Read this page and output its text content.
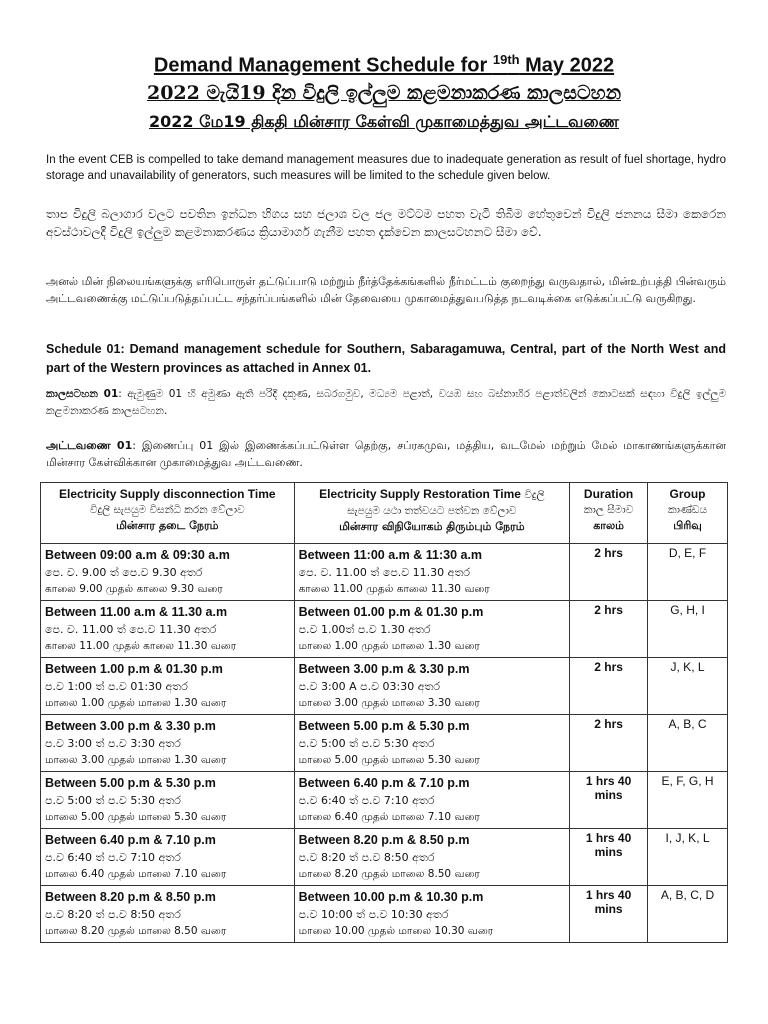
Demand Management Schedule for $^{19th}$ May 2022
2022 මැයි19 දින විදුලි ඉල්ලුම කළමනාකරණ කාලසටහන
2022 மே19 திகதி மின்சார கேள்வி முகாமைத்துவ அட்டவணை
In the event CEB is compelled to take demand management measures due to inadequate generation as result of fuel shortage, hydro storage and unavailability of generators, such measures will be limited to the schedule given below.
තාප විදුලි බලාගාර වලට පවතින ඉන්ධන හිගය සහ ජලාශ වල ජල මට්ටම පහත වැටී තිබීම හේතුවෙන් විදුලි ජනනය සීමා කෙරෙන අවස්ථාවලදී විදුලි ඉල්ලුම කළමනාකරණය ක්‍රියාමාර්ග ගැනීම පහත දැක්වෙන කාලසටහනට සීමා වේ.
அனல் மின் நிலையங்களுக்கு எரிபொருள் தட்டுப்பாடு மற்றும் நீர்த்தேக்கங்களில் நீர்மட்டம் குறைந்து வருவதால், மின்உற்பத்தி பின்வரும் அட்டவணைக்கு மட்டுப்படுத்தப்பட்ட சந்தர்ப்பங்களில் மின் தேவையை முகாமைத்துவபடுத்த நடவடிக்கை எடுக்கப்பட்டு வருகிறது.
Schedule 01: Demand management schedule for Southern, Sabaragamuwa, Central, part of the North West and part of the Western provinces as attached in Annex 01.
කාලසටහන 01: ඇමුණුම 01 හි අමුණා ඇති පරිදි දකුණ, සබරගමුව, මධ්‍යම පළාත්, වයඹ සහ බස්නාහිර පළාත්වලින් කොටසක් සඳහා විදුලි ඉල්ලුම කළමනාකරණ කාලසටහන.
அட்டவணை 01: இணைப்பு 01 இல் இணைக்கப்பட்டுள்ள தெற்கு, சப்ரகமுவ, மத்திய, வடமேல் மற்றும் மேல் மாகாணங்களுக்கான மின்சார கேள்விக்கான முகாமைத்துவ அட்டவணை.
Electricity Supply disconnection Time
විදුලි සැපයුම විසන්ධි කරන වේලාව
மின்சார தடை நேரம்	Electricity Supply Restoration Time විදුලි
සැපයුම යථා තත්වයට පත්වන වේලාව
மின்சார விநியோகம் திரும்பும் நேரம்	Duration
කාල සීමාව
காலம்	Group
කාණ්ඩය
பிரிவு

Between 09:00 a.m & 09:30 a.m
පෙ. ව. 9.00 ත් පෙ.ව 9.30 අතර
காலை 9.00 முதல் காலை 9.30 வரை	Between 11:00 a.m & 11:30 a.m
පෙ. ව. 11.00 ත් පෙ.ව 11.30 අතර
காலை 11.00 முதல் காலை 11.30 வரை	2 hrs	D, E, F

Between 11.00 a.m & 11.30 a.m
පෙ. ව. 11.00 ත් පෙ.ව 11.30 අතර
காலை 11.00 முதல் காலை 11.30 வரை	Between 01.00 p.m & 01.30 p.m
ප.ව 1.00ත් ප.ව 1.30 අතර
மாலை 1.00 முதல் மாலை 1.30 வரை	2 hrs	G, H, I

Between 1.00 p.m & 01.30 p.m
ප.ව 1:00 ත් ප.ව 01:30 අතර
மாலை 1.00 முதல் மாலை 1.30 வரை	Between 3.00 p.m & 3.30 p.m
ප.ව 3:00 A ප.ව 03:30 අතර
மாலை 3.00 முதல் மாலை 3.30 வரை	2 hrs	J, K, L

Between 3.00 p.m & 3.30 p.m
ප.ව 3:00 ත් ප.ව 3:30 අතර
மாலை 3.00 முதல் மாலை 1.30 வரை	Between 5.00 p.m & 5.30 p.m
ප.ව 5:00 ත් ප.ව 5:30 අතර
மாலை 5.00 முதல் மாலை 5.30 வரை	2 hrs	A, B, C

Between 5.00 p.m & 5.30 p.m
ප.ව 5:00 ත් ප.ව 5:30 අතර
மாலை 5.00 முதல் மாலை 5.30 வரை	Between 6.40 p.m & 7.10 p.m
ප.ව 6:40 ත් ප.ව 7:10 අතර
மாலை 6.40 முதல் மாலை 7.10 வரை	1 hrs 40 mins	E, F, G, H

Between 6.40 p.m & 7.10 p.m
ප.ව 6:40 ත් ප.ව 7:10 අතර
மாலை 6.40 முதல் மாலை 7.10 வரை	Between 8.20 p.m & 8.50 p.m
ප.ව 8:20 ත් ප.ව 8:50 අතර
மாலை 8.20 முதல் மாலை 8.50 வரை	1 hrs 40 mins	I, J, K, L

Between 8.20 p.m & 8.50 p.m
ප.ව 8:20 ත් ප.ව 8:50 අතර
மாலை 8.20 முதல் மாலை 8.50 வரை	Between 10.00 p.m & 10.30 p.m
ප.ව 10:00 ත් ප.ව 10:30 අතර
மாலை 10.00 முதல் மாலை 10.30 வரை	1 hrs 40 mins	A, B, C, D
